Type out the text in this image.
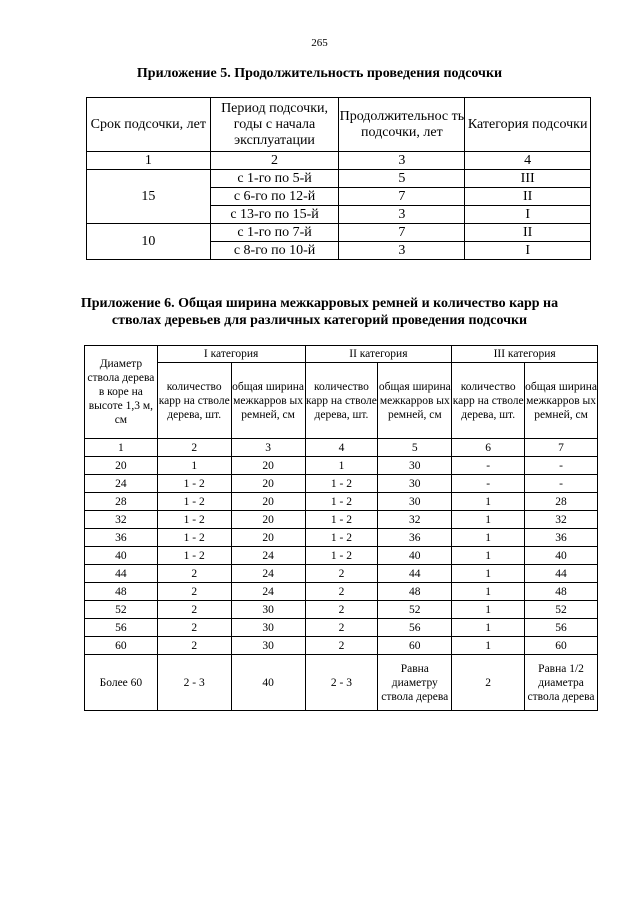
265
Приложение 5. Продолжительность проведения подсочки
Срок подсочки, лет	Период подсочки, годы с начала эксплуатации	Продолжительнос ть подсочки, лет	Категория подсочки
1	2	3	4
15	с 1-го по 5-й	5	III
	с 6-го по 12-й	7	II
	с 13-го по 15-й	3	I
10	с 1-го по 7-й	7	II
	с 8-го по 10-й	3	I
Приложение 6. Общая ширина межкарровых ремней и количество карр на
стволах деревьев для различных категорий проведения подсочки
Диаметр ствола дерева в коре на высоте 1,3 м, см	I категория		II категория		III категория	
	количество карр на стволе дерева, шт.	общая ширина межкарров ых ремней, см	количество карр на стволе дерева, шт.	общая ширина межкарров ых ремней, см	количество карр на стволе дерева, шт.	общая ширина межкарров ых ремней, см
1	2	3	4	5	6	7
20	1	20	1	30	-	-
24	1 - 2	20	1 - 2	30	-	-
28	1 - 2	20	1 - 2	30	1	28
32	1 - 2	20	1 - 2	32	1	32
36	1 - 2	20	1 - 2	36	1	36
40	1 - 2	24	1 - 2	40	1	40
44	2	24	2	44	1	44
48	2	24	2	48	1	48
52	2	30	2	52	1	52
56	2	30	2	56	1	56
60	2	30	2	60	1	60
Более 60	2 - 3	40	2 - 3	Равна диаметру ствола дерева	2	Равна 1/2 диаметра ствола дерева
